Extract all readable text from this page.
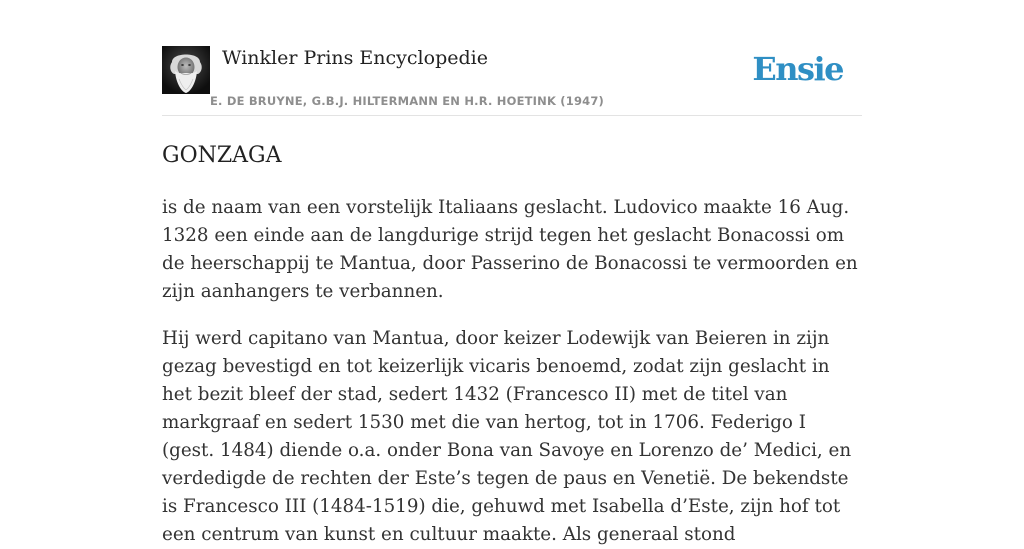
Winkler Prins Encyclopedie
E. DE BRUYNE, G.B.J. HILTERMANN EN H.R. HOETINK (1947)
Ensie
GONZAGA

is de naam van een vorstelijk Italiaans geslacht. Ludovico maakte 16 Aug. 1328 een einde aan de langdurige strijd tegen het geslacht Bonacossi om de heerschappij te Mantua, door Passerino de Bonacossi te vermoorden en zijn aanhangers te verbannen.

Hij werd capitano van Mantua, door keizer Lodewijk van Beieren in zijn gezag bevestigd en tot keizerlijk vicaris benoemd, zodat zijn geslacht in het bezit bleef der stad, sedert 1432 (Francesco II) met de titel van markgraaf en sedert 1530 met die van hertog, tot in 1706. Federigo I (gest. 1484) diende o.a. onder Bona van Savoye en Lorenzo de’ Medici, en verdedigde de rechten der Este’s tegen de paus en Venetië. De bekendste is Francesco III (1484-1519) die, gehuwd met Isabella d’Este, zijn hof tot een centrum van kunst en cultuur maakte. Als generaal stond
